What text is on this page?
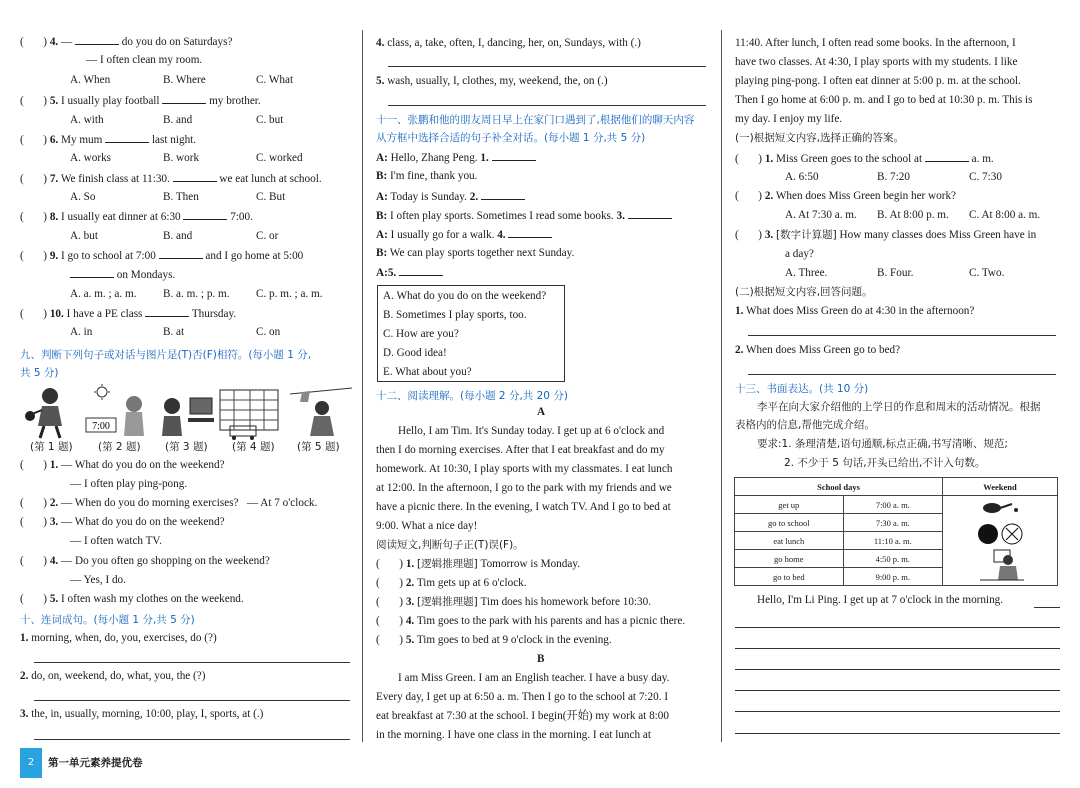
(       ) 4. —	do you do on Saturdays?
— I often clean my room.
A. When	B. Where	C. What
(       ) 5. I usually play football	my brother.
A. with	B. and	C. but
(       ) 6. My mum	last night.
A. works	B. work	C. worked
(       ) 7. We finish class at 11:30.	we eat lunch at school.
A. So	B. Then	C. But
(       ) 8. I usually eat dinner at 6:30	7:00.
A. but	B. and	C. or
(       ) 9. I go to school at 7:00	and I go home at 5:00
on Mondays.
A. a. m. ; a. m. B. a. m. ; p. m. C. p. m. ; a. m.
(       ) 10. I have a PE class	Thursday.
A. in	B. at	C. on
九、判断下列句子或对话与图片是(T)否(F)相符。(每小题 1 分,
共 5 分)
7:00
(第 1 题) (第 2 题) (第 3 题) (第 4 题) (第 5 题)
(       ) 1. — What do you do on the weekend?
— I often play ping-pong.
(       ) 2. — When do you do morning exercises? — At 7 o'clock.
(       ) 3. — What do you do on the weekend?
— I often watch TV.
(       ) 4. — Do you often go shopping on the weekend?
— Yes, I do.
(       ) 5. I often wash my clothes on the weekend.
十、连词成句。(每小题 1 分,共 5 分)
1. morning, when, do, you, exercises, do (?)
2. do, on, weekend, do, what, you, the (?)
3. the, in, usually, morning, 10:00, play, I, sports, at (.)
2	第一单元素养提优卷
4. class, a, take, often, I, dancing, her, on, Sundays, with (.)
5. wash, usually, I, clothes, my, weekend, the, on (.)
十一、张鹏和他的朋友周日早上在家门口遇到了,根据他们的聊天内容
从方框中选择合适的句子补全对话。(每小题 1 分,共 5 分)
A: Hello, Zhang Peng. 1.
B: I'm fine, thank you.
A: Today is Sunday. 2.
B: I often play sports. Sometimes I read some books. 3.
A: I usually go for a walk. 4.
B: We can play sports together next Sunday.
A:5.
A. What do you do on the weekend?
B. Sometimes I play sports, too.
C. How are you?
D. Good idea!
E. What about you?
十二、阅读理解。(每小题 2 分,共 20 分)
A
Hello, I am Tim. It's Sunday today. I get up at 6 o'clock and
then I do morning exercises. After that I eat breakfast and do my
homework. At 10:30, I play sports with my classmates. I eat lunch
at 12:00. In the afternoon, I go to the park with my friends and we
have a picnic there. In the evening, I watch TV. And I go to bed at
9:00. What a nice day!
阅读短文,判断句子正(T)误(F)。
(       ) 1. [逻辑推理题] Tomorrow is Monday.
(       ) 2. Tim gets up at 6 o'clock.
(       ) 3. [逻辑推理题] Tim does his homework before 10:30.
(       ) 4. Tim goes to the park with his parents and has a picnic there.
(       ) 5. Tim goes to bed at 9 o'clock in the evening.
B
I am Miss Green. I am an English teacher. I have a busy day.
Every day, I get up at 6:50 a. m. Then I go to the school at 7:20. I
eat breakfast at 7:30 at the school. I begin(开始) my work at 8:00
in the morning. I have one class in the morning. I eat lunch at
11:40. After lunch, I often read some books. In the afternoon, I
have two classes. At 4:30, I play sports with my students. I like
playing ping-pong. I often eat dinner at 5:00 p. m. at the school.
Then I go home at 6:00 p. m. and I go to bed at 10:30 p. m. This is
my day. I enjoy my life.
(一)根据短文内容,选择正确的答案。
(       ) 1. Miss Green goes to the school at	a. m.
A. 6:50	B. 7:20	C. 7:30
(       ) 2. When does Miss Green begin her work?
A. At 7:30 a. m. B. At 8:00 p. m. C. At 8:00 a. m.
(       ) 3. [数字计算题] How many classes does Miss Green have in
a day?
A. Three.	B. Four.	C. Two.
(二)根据短文内容,回答问题。
1. What does Miss Green do at 4:30 in the afternoon?
2. When does Miss Green go to bed?
十三、书面表达。(共 10 分)
李平在向大家介绍他的上学日的作息和周末的活动情况。根据
表格内的信息,帮他完成介绍。
要求:1. 条理清楚,语句通顺,标点正确,书写清晰、规范;
2. 不少于 5 句话,开头已给出,不计入句数。
School days		Weekend
get up	7:00 a. m.	
go to school	7:30 a. m.	
eat lunch	11:10 a. m.	
go home	4:50 p. m.	
go to bed	9:00 p. m.	
Hello, I'm Li Ping. I get up at 7 o'clock in the morning.
